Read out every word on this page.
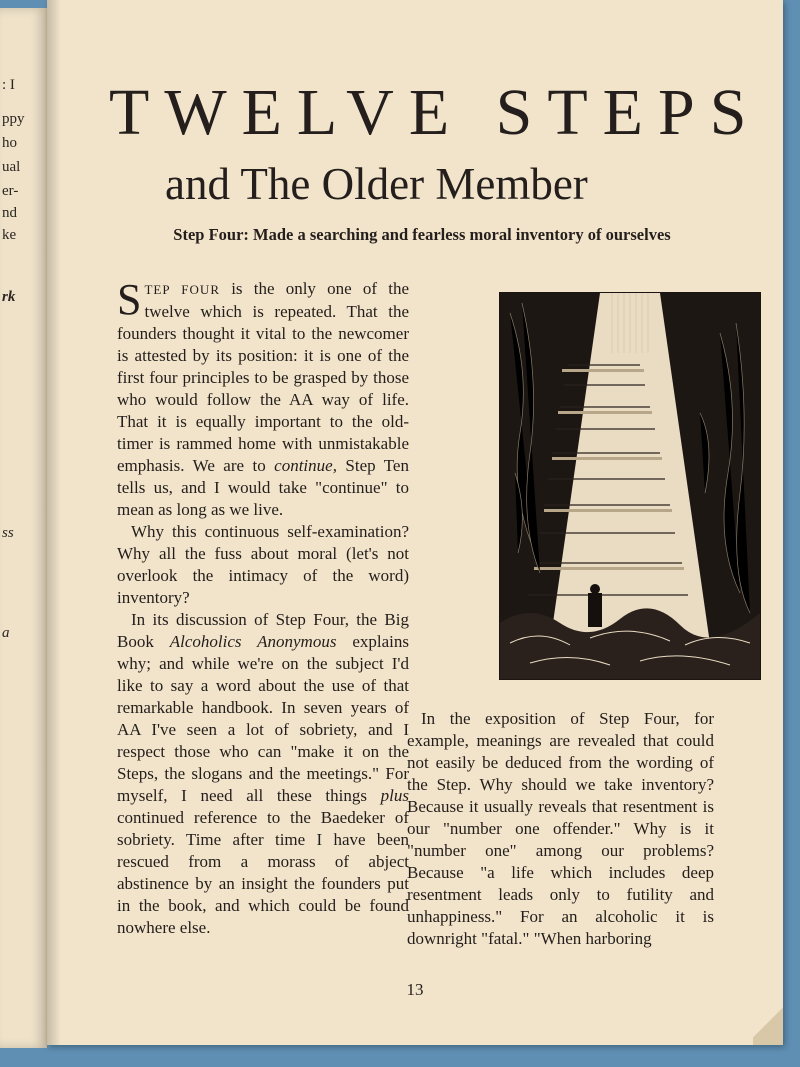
: I
ppy
ho
ual
er-
nd
ke
rk
ss
a
TWELVE STEPS
and The Older Member
Step Four: Made a searching and fearless moral inventory of ourselves

STEP FOUR is the only one of the twelve which is repeated. That the founders thought it vital to the newcomer is attested by its position: it is one of the first four principles to be grasped by those who would follow the AA way of life. That it is equally important to the old-timer is rammed home with unmistakable emphasis. We are to continue, Step Ten tells us, and I would take "continue" to mean as long as we live.

Why this continuous self-examination? Why all the fuss about moral (let's not overlook the intimacy of the word) inventory?

In its discussion of Step Four, the Big Book Alcoholics Anonymous explains why; and while we're on the subject I'd like to say a word about the use of that remarkable handbook. In seven years of AA I've seen a lot of sobriety, and I respect those who can "make it on the Steps, the slogans and the meetings." For myself, I need all these things plus continued reference to the Baedeker of sobriety. Time after time I have been rescued from a morass of abject abstinence by an insight the founders put in the book, and which could be found nowhere else.

In the exposition of Step Four, for example, meanings are revealed that could not easily be deduced from the wording of the Step. Why should we take inventory? Because it usually reveals that resentment is our "number one offender." Why is it "number one" among our problems? Because "a life which includes deep resentment leads only to futility and unhappiness." For an alcoholic it is downright "fatal." "When harboring

13
